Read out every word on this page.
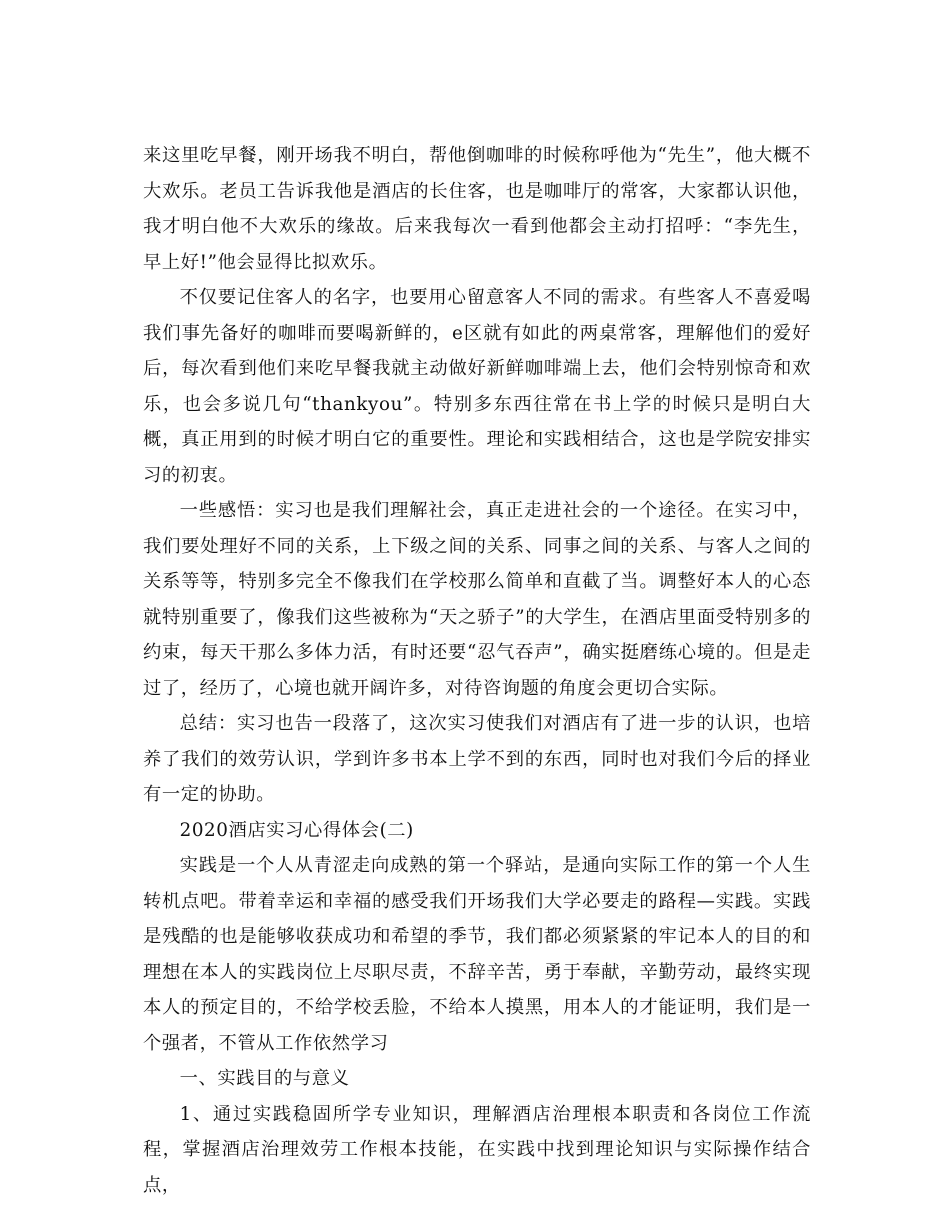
来这里吃早餐，刚开场我不明白，帮他倒咖啡的时候称呼他为“先生”，他大概不大欢乐。老员工告诉我他是酒店的长住客，也是咖啡厅的常客，大家都认识他，我才明白他不大欢乐的缘故。后来我每次一看到他都会主动打招呼：“李先生，早上好!”他会显得比拟欢乐。

不仅要记住客人的名字，也要用心留意客人不同的需求。有些客人不喜爱喝我们事先备好的咖啡而要喝新鲜的，e区就有如此的两桌常客，理解他们的爱好后，每次看到他们来吃早餐我就主动做好新鲜咖啡端上去，他们会特别惊奇和欢乐，也会多说几句“thankyou”。特别多东西往常在书上学的时候只是明白大概，真正用到的时候才明白它的重要性。理论和实践相结合，这也是学院安排实习的初衷。

一些感悟：实习也是我们理解社会，真正走进社会的一个途径。在实习中，我们要处理好不同的关系，上下级之间的关系、同事之间的关系、与客人之间的关系等等，特别多完全不像我们在学校那么简单和直截了当。调整好本人的心态就特别重要了，像我们这些被称为“天之骄子”的大学生，在酒店里面受特别多的约束，每天干那么多体力活，有时还要“忍气吞声”，确实挺磨练心境的。但是走过了，经历了，心境也就开阔许多，对待咨询题的角度会更切合实际。

总结：实习也告一段落了，这次实习使我们对酒店有了进一步的认识，也培养了我们的效劳认识，学到许多书本上学不到的东西，同时也对我们今后的择业有一定的协助。

2020酒店实习心得体会(二)

实践是一个人从青涩走向成熟的第一个驿站，是通向实际工作的第一个人生转机点吧。带着幸运和幸福的感受我们开场我们大学必要走的路程—实践。实践是残酷的也是能够收获成功和希望的季节，我们都必须紧紧的牢记本人的目的和理想在本人的实践岗位上尽职尽责，不辞辛苦，勇于奉献，辛勤劳动，最终实现本人的预定目的，不给学校丢脸，不给本人摸黑，用本人的才能证明，我们是一个强者，不管从工作依然学习

一、实践目的与意义

1、通过实践稳固所学专业知识，理解酒店治理根本职责和各岗位工作流程，掌握酒店治理效劳工作根本技能，在实践中找到理论知识与实际操作结合点，
